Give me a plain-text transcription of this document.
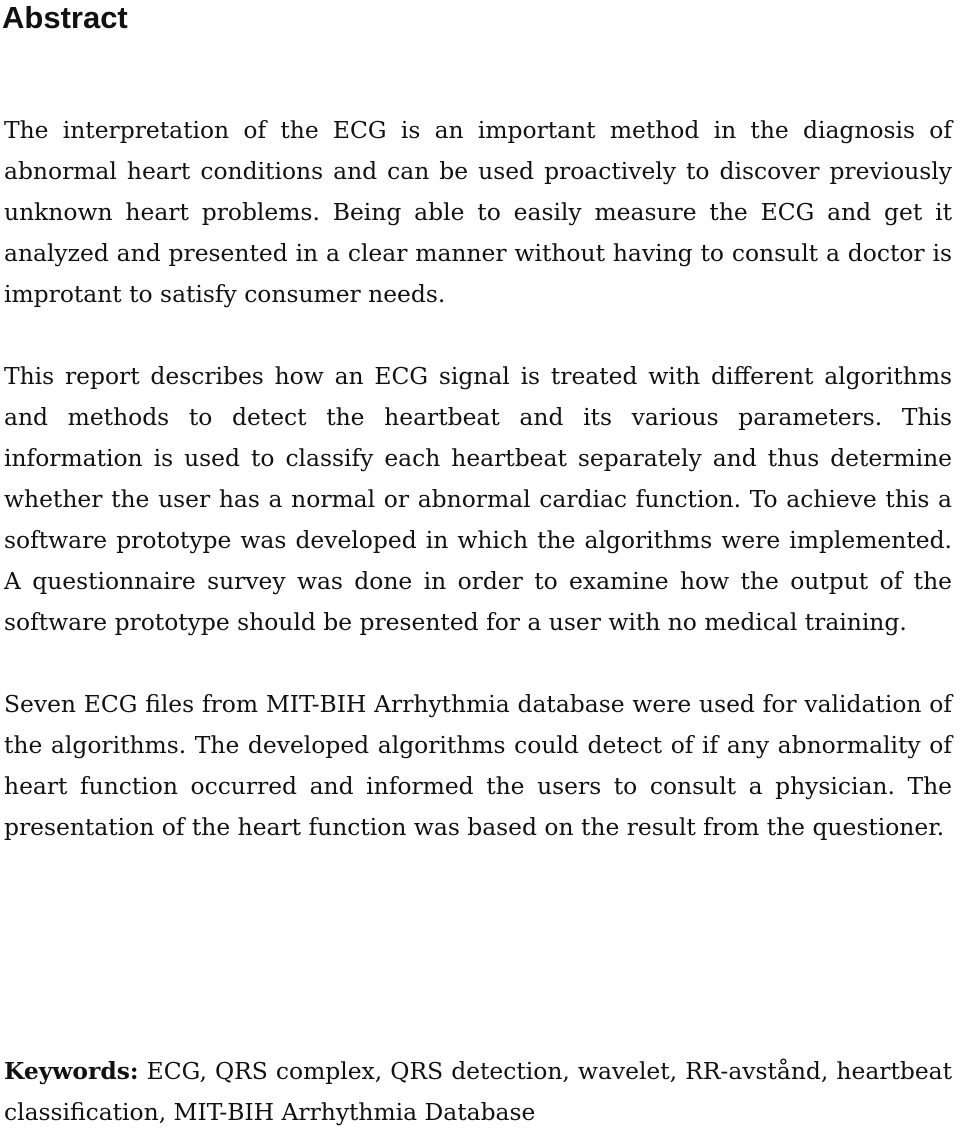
Abstract

The interpretation of the ECG is an important method in the diagnosis of abnormal heart conditions and can be used proactively to discover previously unknown heart problems. Being able to easily measure the ECG and get it analyzed and presented in a clear manner without having to consult a doctor is improtant to satisfy consumer needs.

This report describes how an ECG signal is treated with different algorithms and methods to detect the heartbeat and its various parameters. This information is used to classify each heartbeat separately and thus determine whether the user has a normal or abnormal cardiac function. To achieve this a software prototype was developed in which the algorithms were implemented. A questionnaire survey was done in order to examine how the output of the software prototype should be presented for a user with no medical training.

Seven ECG files from MIT-BIH Arrhythmia database were used for validation of the algorithms. The developed algorithms could detect of if any abnormality of heart function occurred and informed the users to consult a physician. The presentation of the heart function was based on the result from the questioner.

Keywords: ECG, QRS complex, QRS detection, wavelet, RR-avstånd, heartbeat classification, MIT-BIH Arrhythmia Database
